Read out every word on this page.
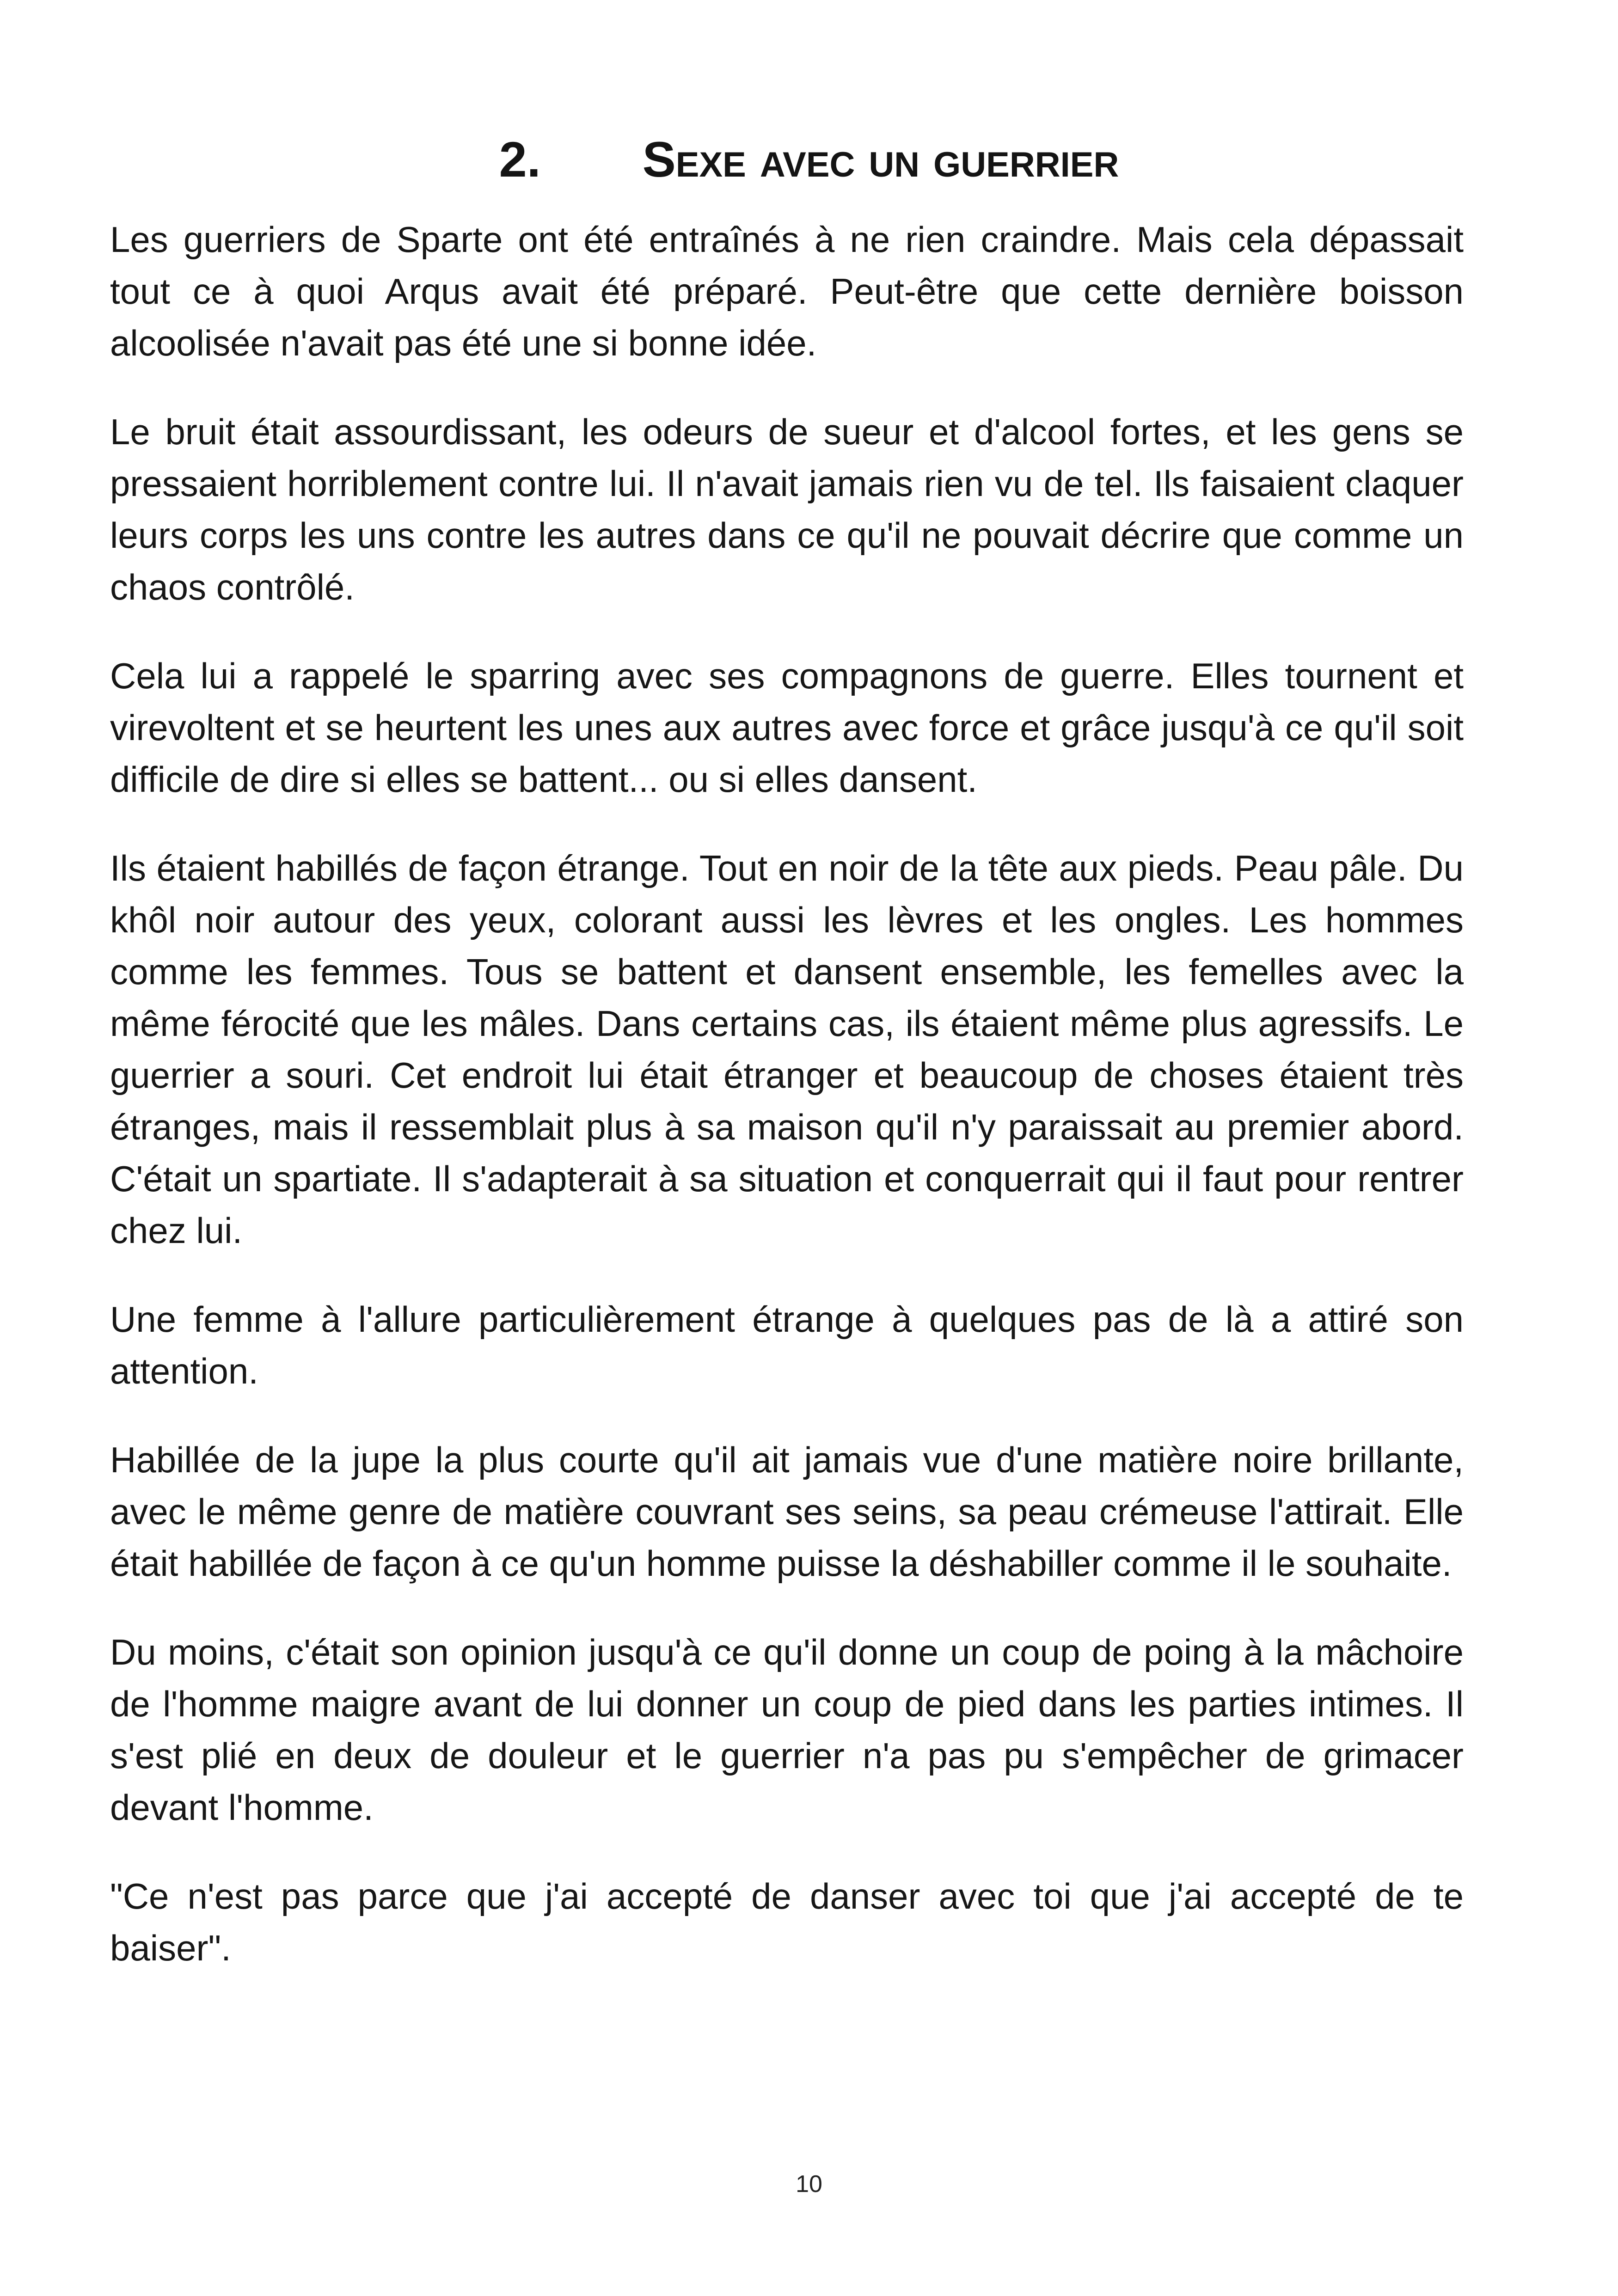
2. Sexe avec un guerrier

Les guerriers de Sparte ont été entraînés à ne rien craindre. Mais cela dépassait tout ce à quoi Arqus avait été préparé. Peut-être que cette dernière boisson alcoolisée n'avait pas été une si bonne idée.

Le bruit était assourdissant, les odeurs de sueur et d'alcool fortes, et les gens se pressaient horriblement contre lui. Il n'avait jamais rien vu de tel. Ils faisaient claquer leurs corps les uns contre les autres dans ce qu'il ne pouvait décrire que comme un chaos contrôlé.

Cela lui a rappelé le sparring avec ses compagnons de guerre. Elles tournent et virevoltent et se heurtent les unes aux autres avec force et grâce jusqu'à ce qu'il soit difficile de dire si elles se battent... ou si elles dansent.

Ils étaient habillés de façon étrange. Tout en noir de la tête aux pieds. Peau pâle. Du khôl noir autour des yeux, colorant aussi les lèvres et les ongles. Les hommes comme les femmes. Tous se battent et dansent ensemble, les femelles avec la même férocité que les mâles. Dans certains cas, ils étaient même plus agressifs. Le guerrier a souri. Cet endroit lui était étranger et beaucoup de choses étaient très étranges, mais il ressemblait plus à sa maison qu'il n'y paraissait au premier abord. C'était un spartiate. Il s'adapterait à sa situation et conquerrait qui il faut pour rentrer chez lui.

Une femme à l'allure particulièrement étrange à quelques pas de là a attiré son attention.

Habillée de la jupe la plus courte qu'il ait jamais vue d'une matière noire brillante, avec le même genre de matière couvrant ses seins, sa peau crémeuse l'attirait. Elle était habillée de façon à ce qu'un homme puisse la déshabiller comme il le souhaite.

Du moins, c'était son opinion jusqu'à ce qu'il donne un coup de poing à la mâchoire de l'homme maigre avant de lui donner un coup de pied dans les parties intimes. Il s'est plié en deux de douleur et le guerrier n'a pas pu s'empêcher de grimacer devant l'homme.

"Ce n'est pas parce que j'ai accepté de danser avec toi que j'ai accepté de te baiser".

10
